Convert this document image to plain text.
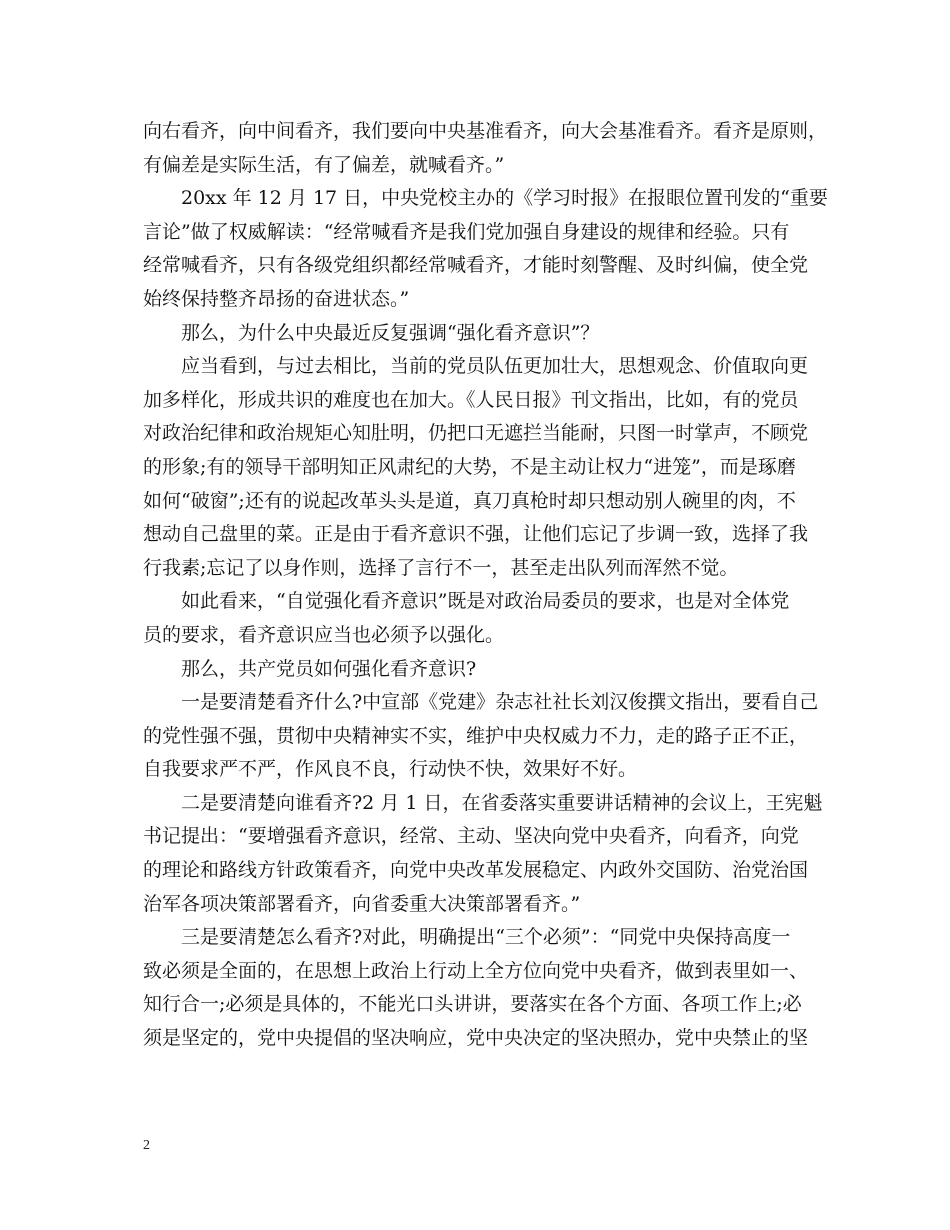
向右看齐，向中间看齐，我们要向中央基准看齐，向大会基准看齐。看齐是原则，
有偏差是实际生活，有了偏差，就喊看齐。”
20xx 年 12 月 17 日，中央党校主办的《学习时报》在报眼位置刊发的“重要
言论”做了权威解读：“经常喊看齐是我们党加强自身建设的规律和经验。只有
经常喊看齐，只有各级党组织都经常喊看齐，才能时刻警醒、及时纠偏，使全党
始终保持整齐昂扬的奋进状态。”
那么，为什么中央最近反复强调“强化看齐意识”？
应当看到，与过去相比，当前的党员队伍更加壮大，思想观念、价值取向更
加多样化，形成共识的难度也在加大。《人民日报》刊文指出，比如，有的党员
对政治纪律和政治规矩心知肚明，仍把口无遮拦当能耐，只图一时掌声，不顾党
的形象;有的领导干部明知正风肃纪的大势，不是主动让权力“进笼”，而是琢磨
如何“破窗”;还有的说起改革头头是道，真刀真枪时却只想动别人碗里的肉，不
想动自己盘里的菜。正是由于看齐意识不强，让他们忘记了步调一致，选择了我
行我素;忘记了以身作则，选择了言行不一，甚至走出队列而浑然不觉。
如此看来，“自觉强化看齐意识”既是对政治局委员的要求，也是对全体党
员的要求，看齐意识应当也必须予以强化。
那么，共产党员如何强化看齐意识?
一是要清楚看齐什么?中宣部《党建》杂志社社长刘汉俊撰文指出，要看自己
的党性强不强，贯彻中央精神实不实，维护中央权威力不力，走的路子正不正，
自我要求严不严，作风良不良，行动快不快，效果好不好。
二是要清楚向谁看齐?2 月 1 日，在省委落实重要讲话精神的会议上，王宪魁
书记提出：“要增强看齐意识，经常、主动、坚决向党中央看齐，向看齐，向党
的理论和路线方针政策看齐，向党中央改革发展稳定、内政外交国防、治党治国
治军各项决策部署看齐，向省委重大决策部署看齐。”
三是要清楚怎么看齐?对此，明确提出“三个必须”：“同党中央保持高度一
致必须是全面的，在思想上政治上行动上全方位向党中央看齐，做到表里如一、
知行合一;必须是具体的，不能光口头讲讲，要落实在各个方面、各项工作上;必
须是坚定的，党中央提倡的坚决响应，党中央决定的坚决照办，党中央禁止的坚
2
